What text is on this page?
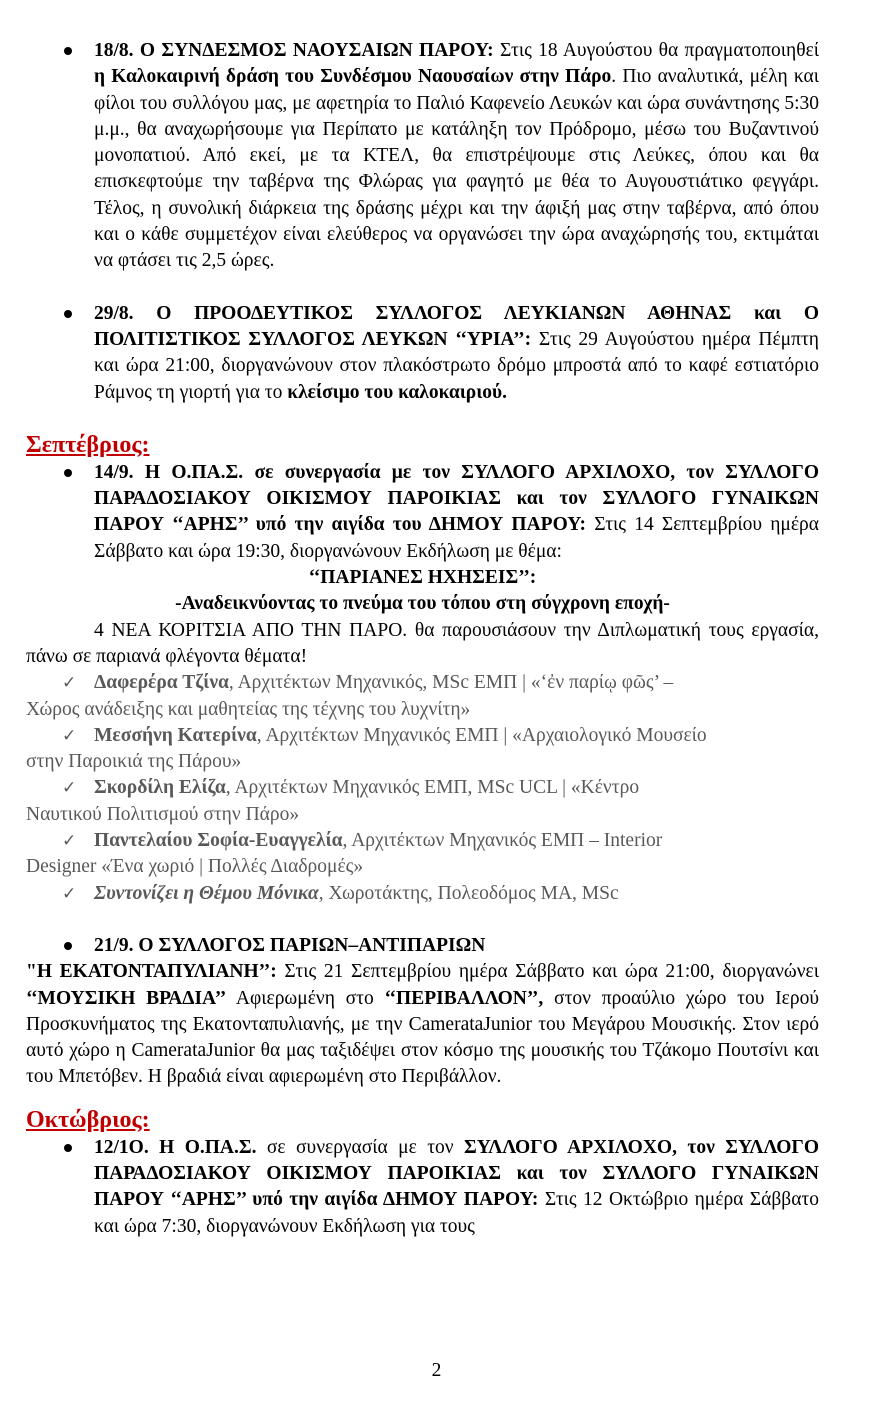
18/8. Ο ΣΥΝΔΕΣΜΟΣ ΝΑΟΥΣΑΙΩΝ ΠΑΡΟΥ: Στις 18 Αυγούστου θα πραγματοποιηθεί η Καλοκαιρινή δράση του Συνδέσμου Ναουσαίων στην Πάρο. Πιο αναλυτικά, μέλη και φίλοι του συλλόγου μας, με αφετηρία το Παλιό Καφενείο Λευκών και ώρα συνάντησης 5:30 μ.μ., θα αναχωρήσουμε για Περίπατο με κατάληξη τον Πρόδρομο, μέσω του Βυζαντινού μονοπατιού. Από εκεί, με τα ΚΤΕΛ, θα επιστρέψουμε στις Λεύκες, όπου και θα επισκεφτούμε την ταβέρνα της Φλώρας για φαγητό με θέα το Αυγουστιάτικο φεγγάρι. Τέλος, η συνολική διάρκεια της δράσης μέχρι και την άφιξή μας στην ταβέρνα, από όπου και ο κάθε συμμετέχον είναι ελεύθερος να οργανώσει την ώρα αναχώρησής του, εκτιμάται να φτάσει τις 2,5 ώρες.

29/8. Ο ΠΡΟΟΔΕΥΤΙΚΟΣ ΣΥΛΛΟΓΟΣ ΛΕΥΚΙΑΝΩΝ ΑΘΗΝΑΣ και Ο ΠΟΛΙΤΙΣΤΙΚΟΣ ΣΥΛΛΟΓΟΣ ΛΕΥΚΩΝ ‘‘ΥΡΙΑ’’: Στις 29 Αυγούστου ημέρα Πέμπτη και ώρα 21:00, διοργανώνουν στον πλακόστρωτο δρόμο μπροστά από το καφέ εστιατόριο Ράμνος τη γιορτή για το κλείσιμο του καλοκαιριού.

Σεπτέβριος:

14/9. Η Ο.ΠΑ.Σ. σε συνεργασία με τον ΣΥΛΛΟΓΟ ΑΡΧΙΛΟΧΟ, τον ΣΥΛΛΟΓΟ ΠΑΡΑΔΟΣΙΑΚΟΥ ΟΙΚΙΣΜΟΥ ΠΑΡΟΙΚΙΑΣ και τον ΣΥΛΛΟΓΟ ΓΥΝΑΙΚΩΝ ΠΑΡΟΥ ‘‘ΑΡΗΣ’’ υπό την αιγίδα του ΔΗΜΟΥ ΠΑΡΟΥ: Στις 14 Σεπτεμβρίου ημέρα Σάββατο και ώρα 19:30, διοργανώνουν Εκδήλωση με θέμα:

‘‘ΠΑΡΙΑΝΕΣ ΗΧΗΣΕΙΣ’’:

-Αναδεικνύοντας το πνεύμα του τόπου στη σύγχρονη εποχή-

4 ΝΕΑ ΚΟΡΙΤΣΙΑ ΑΠΟ ΤΗΝ ΠΑΡΟ. θα παρουσιάσουν την Διπλωματική τους εργασία, πάνω σε παριανά φλέγοντα θέματα!

✓ Δαφερέρα Τζίνα, Αρχιτέκτων Μηχανικός, MSc ΕΜΠ | «‘ἐν παρίῳ φῶς’ –

Χώρος ανάδειξης και μαθητείας της τέχνης του λυχνίτη»

✓ Μεσσήνη Κατερίνα, Αρχιτέκτων Μηχανικός ΕΜΠ | «Αρχαιολογικό Μουσείο

στην Παροικιά της Πάρου»

✓ Σκορδίλη Ελίζα, Αρχιτέκτων Μηχανικός ΕΜΠ, MSc UCL | «Κέντρο

Ναυτικού Πολιτισμού στην Πάρο»

✓ Παντελαίου Σοφία-Ευαγγελία, Αρχιτέκτων Μηχανικός ΕΜΠ – Interior

Designer «Ένα χωριό | Πολλές Διαδρομές»

✓ Συντονίζει η Θέμου Μόνικα, Χωροτάκτης, Πολεοδόμος ΜΑ, MSc

21/9. Ο ΣΥΛΛΟΓΟΣ ΠΑΡΙΩΝ–ΑΝΤΙΠΑΡΙΩΝ

"Η ΕΚΑΤΟΝΤΑΠΥΛΙΑΝΗ’’: Στις 21 Σεπτεμβρίου ημέρα Σάββατο και ώρα 21:00, διοργανώνει ‘‘ΜΟΥΣΙΚΗ ΒΡΑΔΙΑ’’ Αφιερωμένη στο ‘‘ΠΕΡΙΒΑΛΛΟΝ’’, στον προαύλιο χώρο του Ιερού Προσκυνήματος της Εκατονταπυλιανής, με την CamerataJunior του Μεγάρου Μουσικής. Στον ιερό αυτό χώρο η CamerataJunior θα μας ταξιδέψει στον κόσμο της μουσικής του Τζάκομο Πουτσίνι και του Μπετόβεν. Η βραδιά είναι αφιερωμένη στο Περιβάλλον.

Οκτώβριος:

12/1Ο. Η Ο.ΠΑ.Σ. σε συνεργασία με τον ΣΥΛΛΟΓΟ ΑΡΧΙΛΟΧΟ, τον ΣΥΛΛΟΓΟ ΠΑΡΑΔΟΣΙΑΚΟΥ ΟΙΚΙΣΜΟΥ ΠΑΡΟΙΚΙΑΣ και τον ΣΥΛΛΟΓΟ ΓΥΝΑΙΚΩΝ ΠΑΡΟΥ ‘‘ΑΡΗΣ’’ υπό την αιγίδα ΔΗΜΟΥ ΠΑΡΟΥ: Στις 12 Οκτώβριο ημέρα Σάββατο και ώρα 7:30, διοργανώνουν Εκδήλωση για τους

2
